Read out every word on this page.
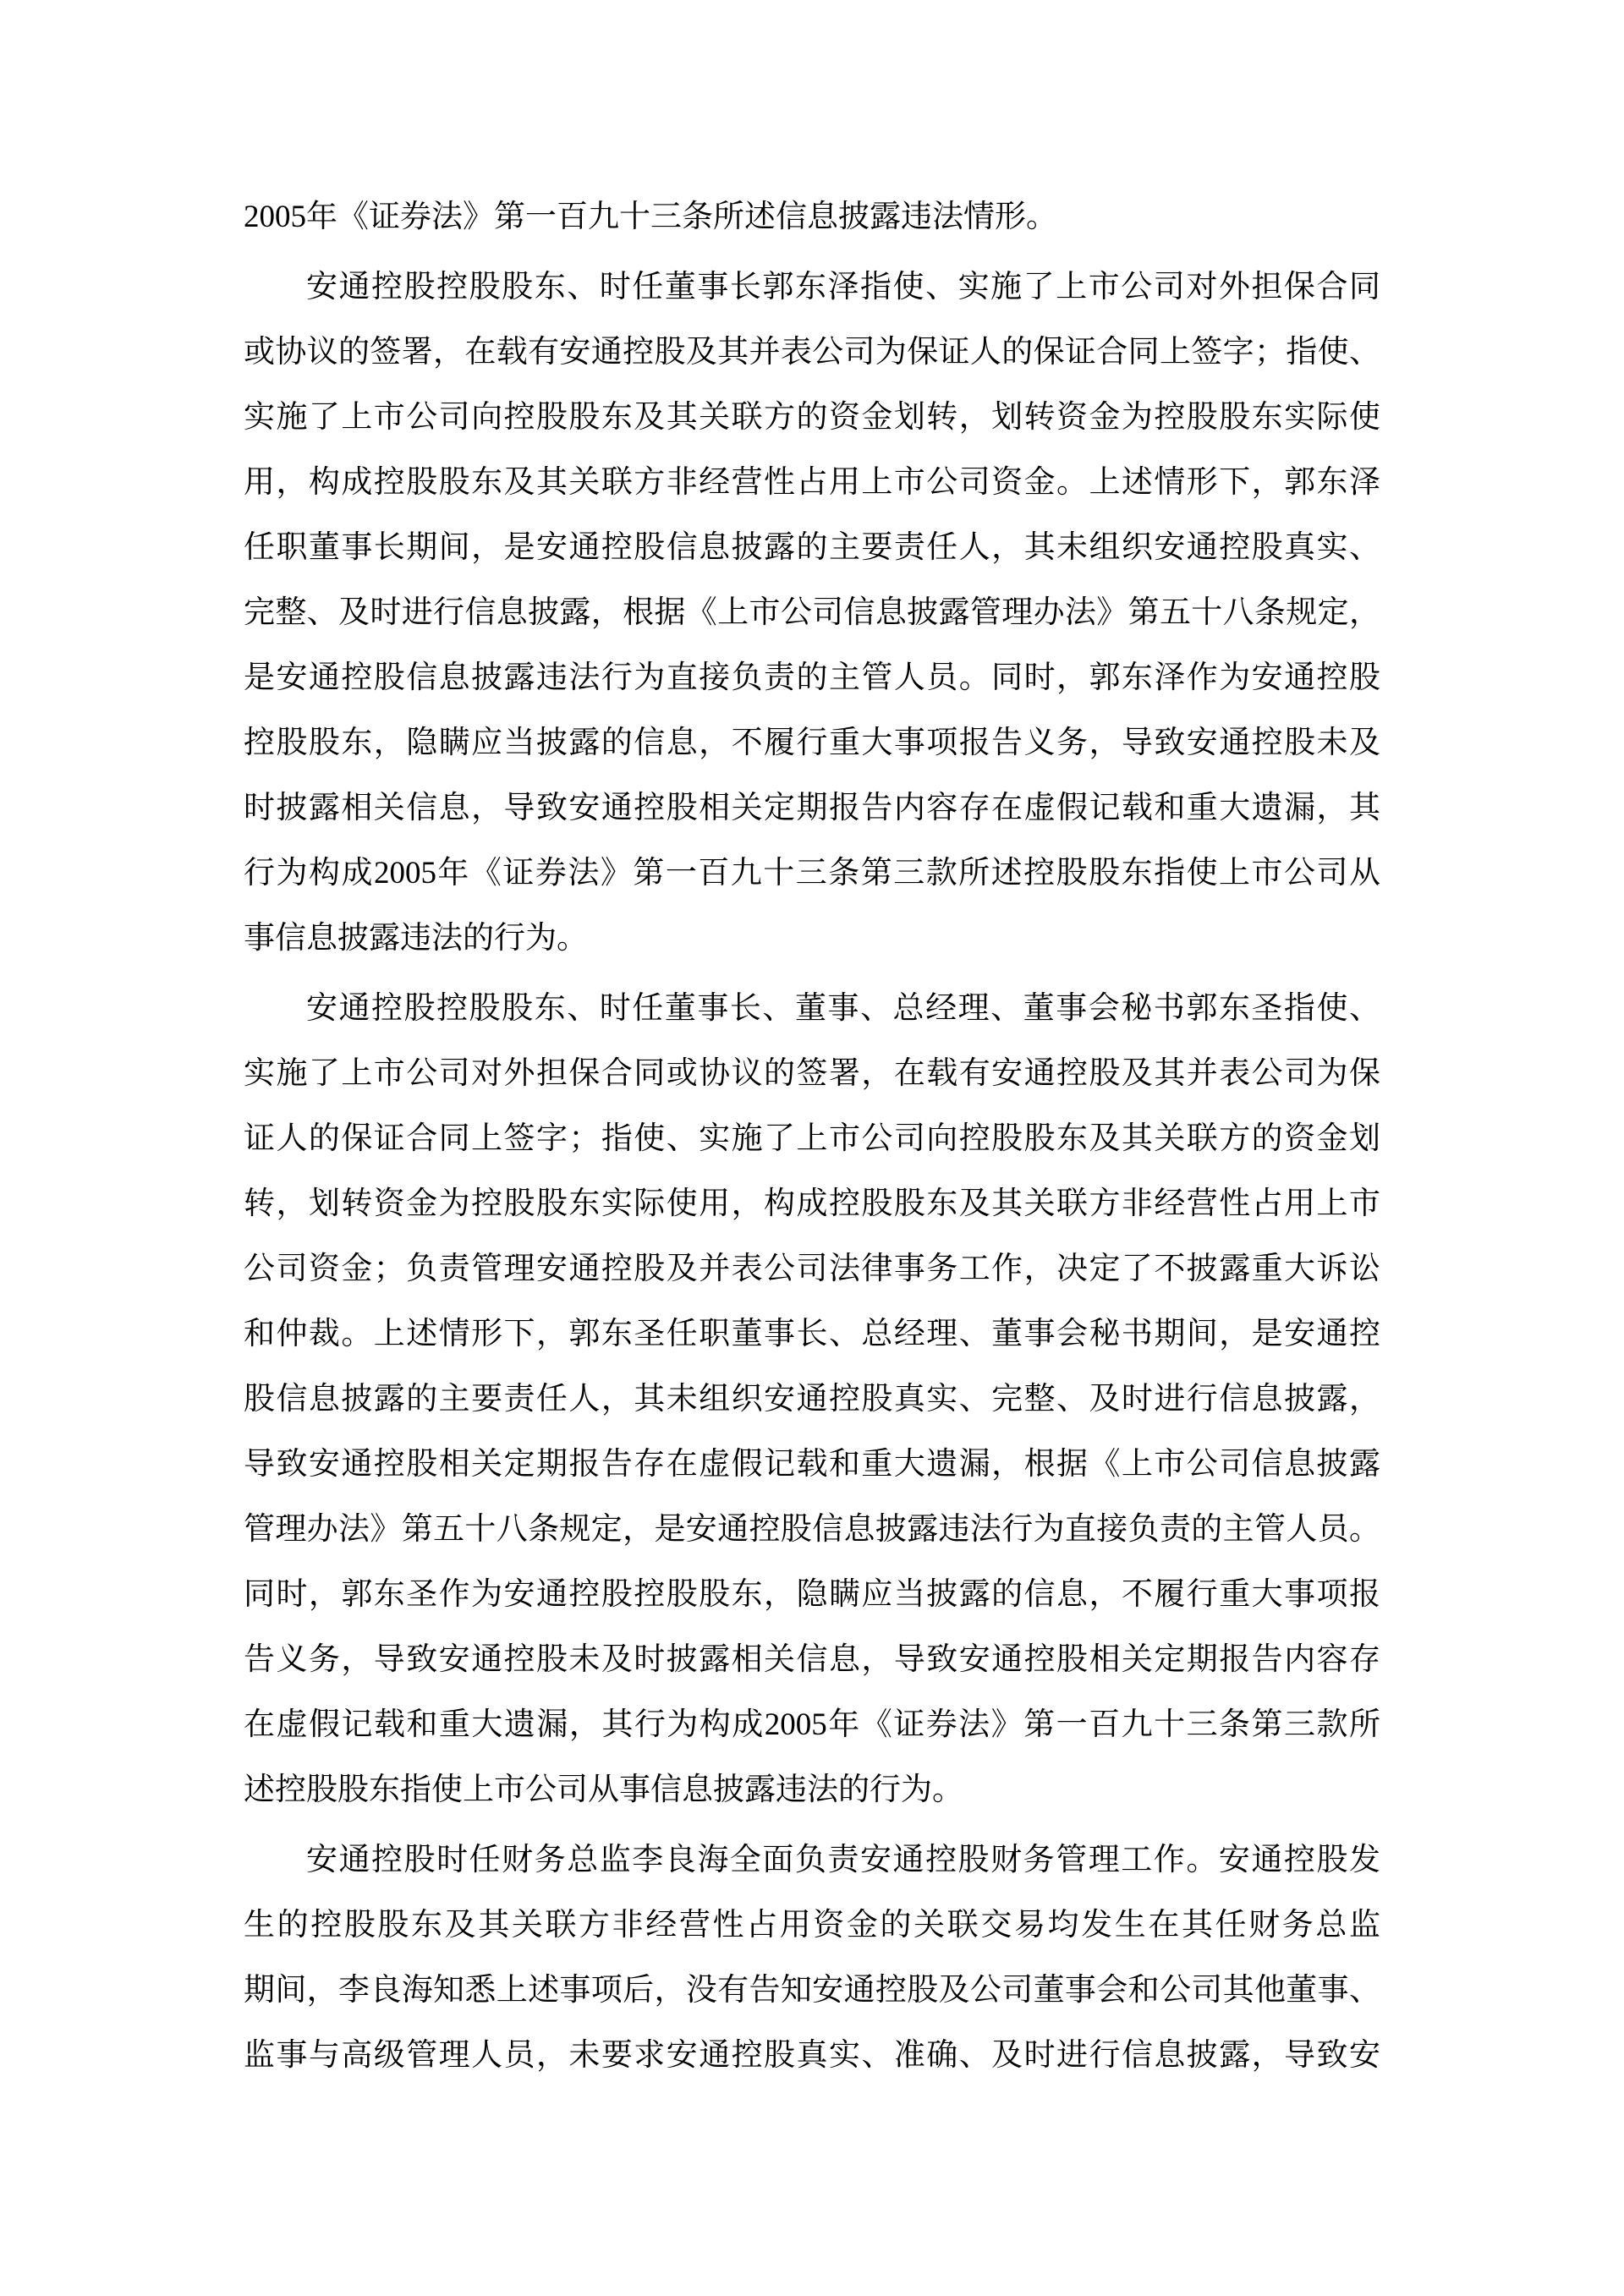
2005年《证券法》第一百九十三条所述信息披露违法情形。
安通控股控股股东、时任董事长郭东泽指使、实施了上市公司对外担保合同
或协议的签署，在载有安通控股及其并表公司为保证人的保证合同上签字；指使、
实施了上市公司向控股股东及其关联方的资金划转，划转资金为控股股东实际使
用，构成控股股东及其关联方非经营性占用上市公司资金。上述情形下，郭东泽
任职董事长期间，是安通控股信息披露的主要责任人，其未组织安通控股真实、
完整、及时进行信息披露，根据《上市公司信息披露管理办法》第五十八条规定，
是安通控股信息披露违法行为直接负责的主管人员。同时，郭东泽作为安通控股
控股股东，隐瞒应当披露的信息，不履行重大事项报告义务，导致安通控股未及
时披露相关信息，导致安通控股相关定期报告内容存在虚假记载和重大遗漏，其
行为构成2005年《证券法》第一百九十三条第三款所述控股股东指使上市公司从
事信息披露违法的行为。
安通控股控股股东、时任董事长、董事、总经理、董事会秘书郭东圣指使、
实施了上市公司对外担保合同或协议的签署，在载有安通控股及其并表公司为保
证人的保证合同上签字；指使、实施了上市公司向控股股东及其关联方的资金划
转，划转资金为控股股东实际使用，构成控股股东及其关联方非经营性占用上市
公司资金；负责管理安通控股及并表公司法律事务工作，决定了不披露重大诉讼
和仲裁。上述情形下，郭东圣任职董事长、总经理、董事会秘书期间，是安通控
股信息披露的主要责任人，其未组织安通控股真实、完整、及时进行信息披露，
导致安通控股相关定期报告存在虚假记载和重大遗漏，根据《上市公司信息披露
管理办法》第五十八条规定，是安通控股信息披露违法行为直接负责的主管人员。
同时，郭东圣作为安通控股控股股东，隐瞒应当披露的信息，不履行重大事项报
告义务，导致安通控股未及时披露相关信息，导致安通控股相关定期报告内容存
在虚假记载和重大遗漏，其行为构成2005年《证券法》第一百九十三条第三款所
述控股股东指使上市公司从事信息披露违法的行为。
安通控股时任财务总监李良海全面负责安通控股财务管理工作。安通控股发
生的控股股东及其关联方非经营性占用资金的关联交易均发生在其任财务总监
期间，李良海知悉上述事项后，没有告知安通控股及公司董事会和公司其他董事、
监事与高级管理人员，未要求安通控股真实、准确、及时进行信息披露，导致安
